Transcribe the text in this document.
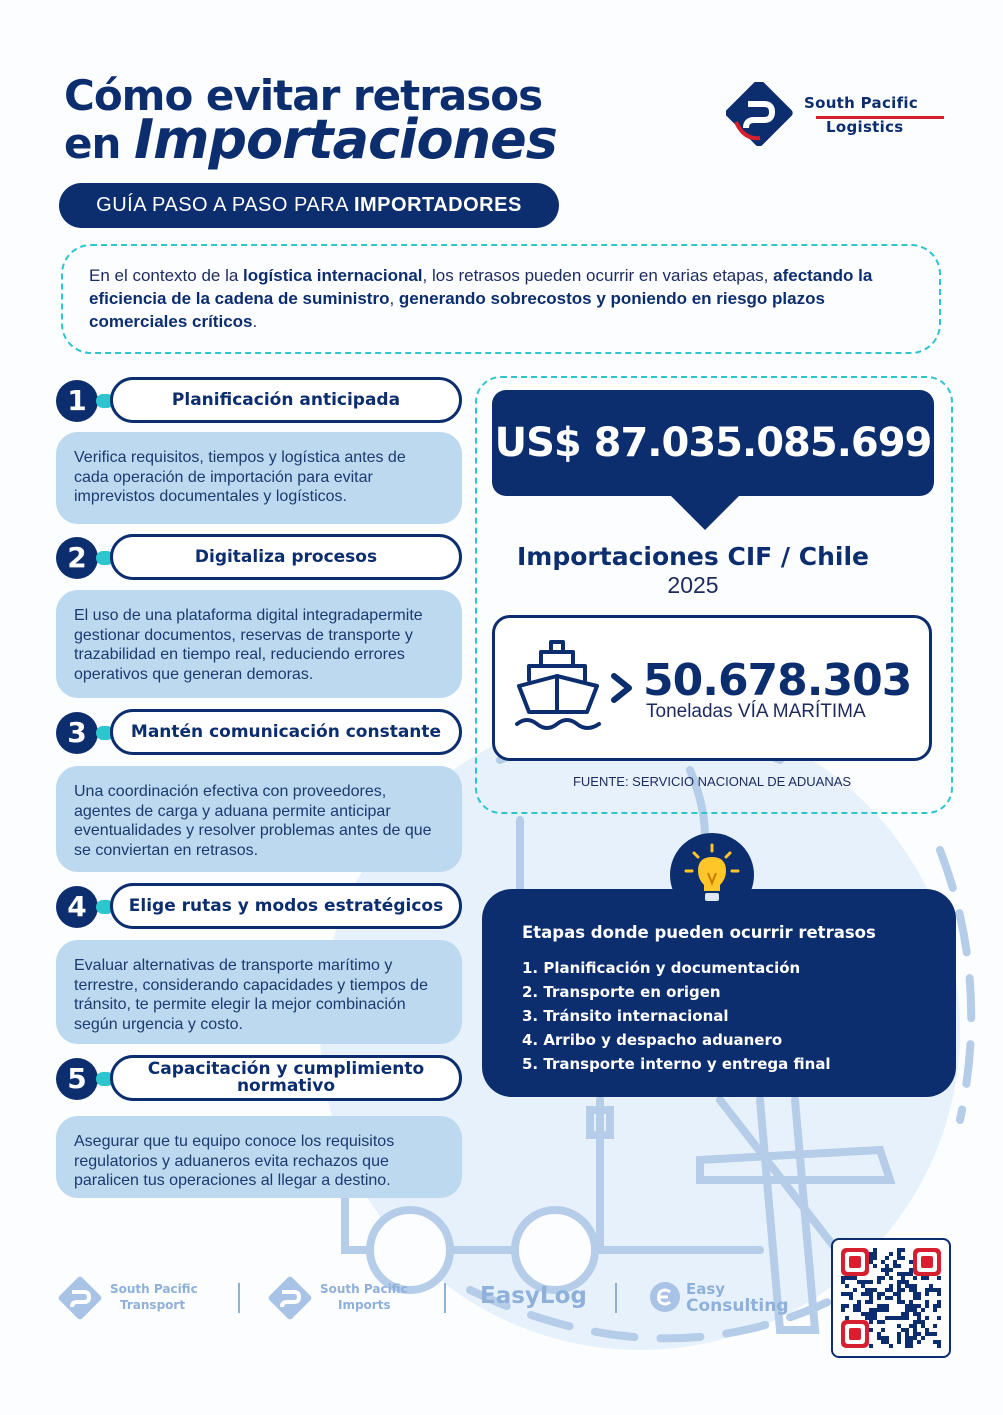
Cómo evitar retrasos
en Importaciones
GUÍA PASO A PASO PARA IMPORTADORES
South Pacific
Logistics
En el contexto de la logística internacional, los retrasos pueden ocurrir en varias etapas, afectando la eficiencia de la cadena de suministro, generando sobrecostos y poniendo en riesgo plazos comerciales críticos.
1	Planificación anticipada
Verifica requisitos, tiempos y logística antes de cada operación de importación para evitar imprevistos documentales y logísticos.
2	Digitaliza procesos
El uso de una plataforma digital integradapermite gestionar documentos, reservas de transporte y trazabilidad en tiempo real, reduciendo errores operativos que generan demoras.
3	Mantén comunicación constante
Una coordinación efectiva con proveedores, agentes de carga y aduana permite anticipar eventualidades y resolver problemas antes de que se conviertan en retrasos.
4	Elige rutas y modos estratégicos
Evaluar alternativas de transporte marítimo y terrestre, considerando capacidades y tiempos de tránsito, te permite elegir la mejor combinación según urgencia y costo.
5	Capacitación y cumplimiento normativo
Asegurar que tu equipo conoce los requisitos regulatorios y aduaneros evita rechazos que paralicen tus operaciones al llegar a destino.
US$ 87.035.085.699
Importaciones CIF / Chile
2025
50.678.303
Toneladas VÍA MARÍTIMA
FUENTE: SERVICIO NACIONAL DE ADUANAS
Etapas donde pueden ocurrir retrasos
1. Planificación y documentación
2. Transporte en origen
3. Tránsito internacional
4. Arribo y despacho aduanero
5. Transporte interno y entrega final
South Pacific
Transport
South Pacific
Imports	EasyLog	Easy
Consulting
